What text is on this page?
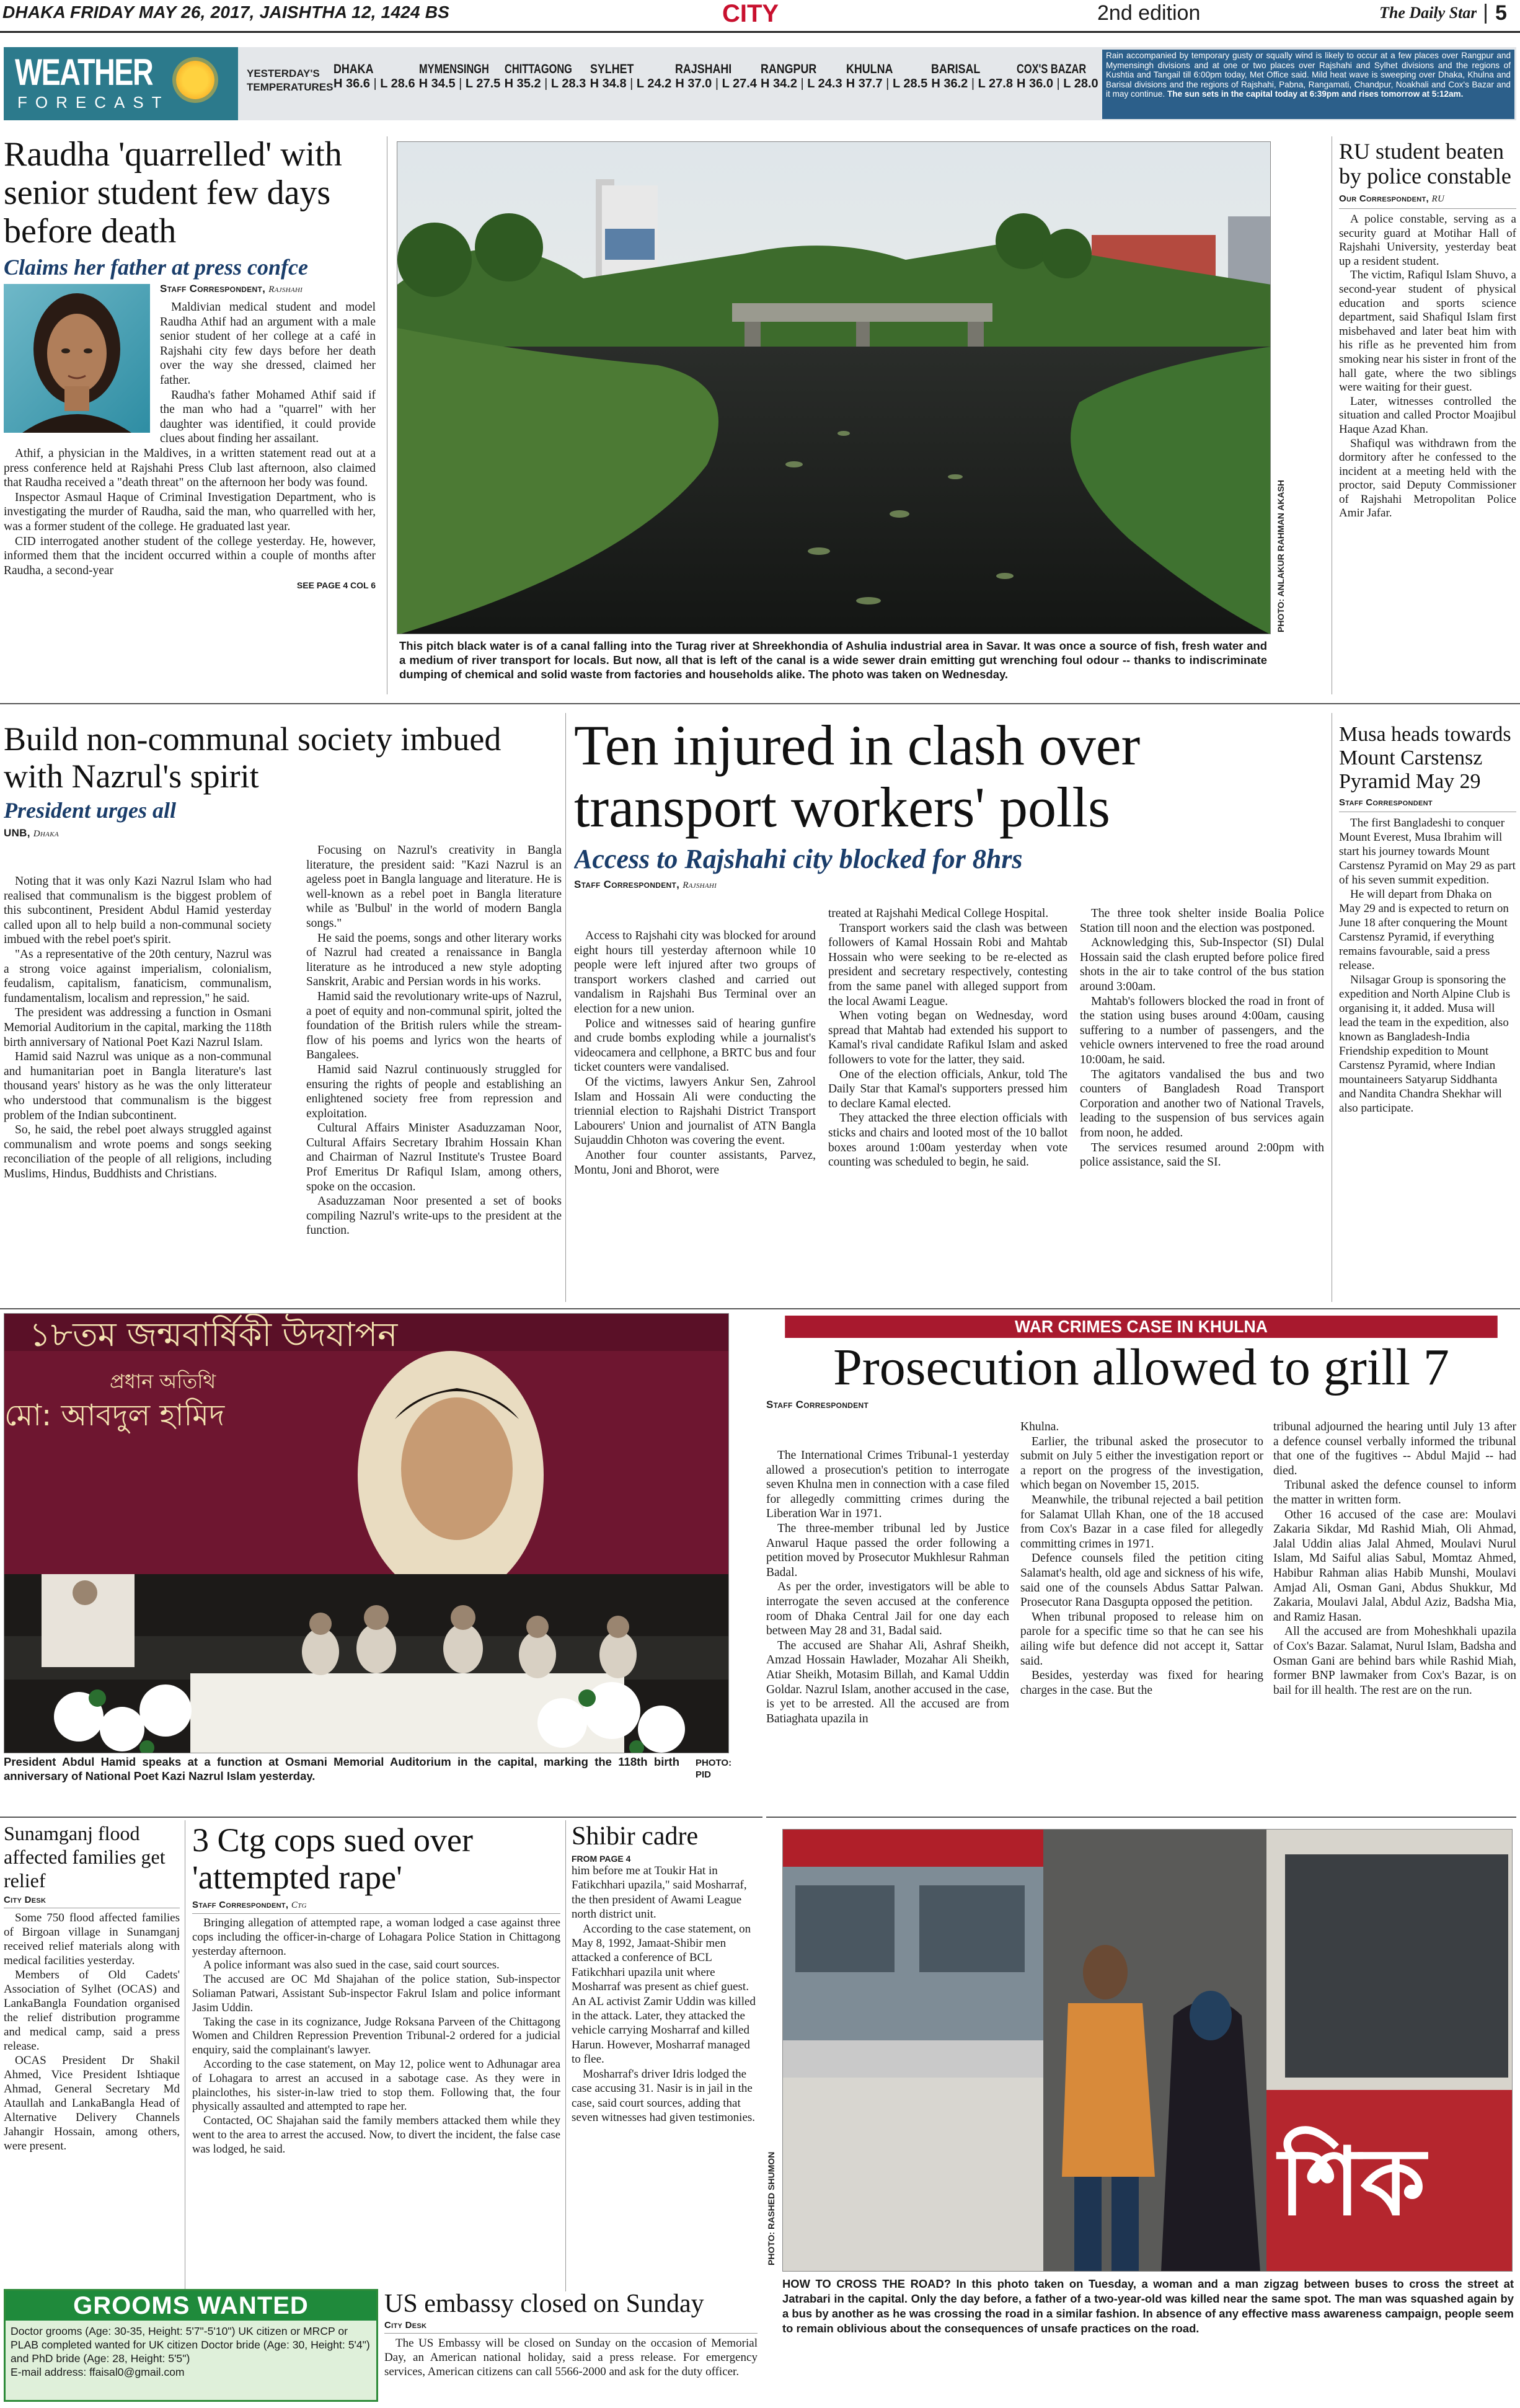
DHAKA FRIDAY MAY 26, 2017, JAISHTHA 12, 1424 BS	CITY	2nd edition	The Daily Star 5
WEATHER
FORECAST
YESTERDAY'S
TEMPERATURES
DHAKA
H 36.6 | L 28.6
MYMENSINGH
H 34.5 | L 27.5
CHITTAGONG
H 35.2 | L 28.3
SYLHET
H 34.8 | L 24.2
RAJSHAHI
H 37.0 | L 27.4
RANGPUR
H 34.2 | L 24.3
KHULNA
H 37.7 | L 28.5
BARISAL
H 36.2 | L 27.8
COX'S BAZAR
H 36.0 | L 28.0
Rain accompanied by temporary gusty or squally wind is likely to occur at a few places over Rangpur and Mymensingh divisions and at one or two places over Rajshahi and Sylhet divisions and the regions of Kushtia and Tangail till 6:00pm today, Met Office said. Mild heat wave is sweeping over Dhaka, Khulna and Barisal divisions and the regions of Rajshahi, Pabna, Rangamati, Chandpur, Noakhali and Cox's Bazar and it may continue. The sun sets in the capital today at 6:39pm and rises tomorrow at 5:12am.
Raudha 'quarrelled' with senior student few days before death
Claims her father at press confce
Staff Correspondent, Rajshahi

Maldivian medical student and model Raudha Athif had an argument with a male senior student of her college at a café in Rajshahi city few days before her death over the way she dressed, claimed her father.

Raudha's father Mohamed Athif said if the man who had a "quarrel" with her daughter was identified, it could provide clues about finding her assailant.

Athif, a physician in the Maldives, in a written statement read out at a press conference held at Rajshahi Press Club last afternoon, also claimed that Raudha received a "death threat" on the afternoon her body was found.

Inspector Asmaul Haque of Criminal Investigation Department, who is investigating the murder of Raudha, said the man, who quarrelled with her, was a former student of the college. He graduated last year.

CID interrogated another student of the college yesterday. He, however, informed them that the incident occurred within a couple of months after Raudha, a second-year

SEE PAGE 4 COL 6	PHOTO: ANLAKUR RAHMAN AKASH
This pitch black water is of a canal falling into the Turag river at Shreekhondia of Ashulia industrial area in Savar. It was once a source of fish, fresh water and a medium of river transport for locals. But now, all that is left of the canal is a wide sewer drain emitting gut wrenching foul odour -- thanks to indiscriminate dumping of chemical and solid waste from factories and households alike. The photo was taken on Wednesday.
RU student beaten by police constable
Our Correspondent, RU

A police constable, serving as a security guard at Motihar Hall of Rajshahi University, yesterday beat up a resident student.

The victim, Rafiqul Islam Shuvo, a second-year student of physical education and sports science department, said Shafiqul Islam first misbehaved and later beat him with his rifle as he prevented him from smoking near his sister in front of the hall gate, where the two siblings were waiting for their guest.

Later, witnesses controlled the situation and called Proctor Moajibul Haque Azad Khan.

Shafiqul was withdrawn from the dormitory after he confessed to the incident at a meeting held with the proctor, said Deputy Commissioner of Rajshahi Metropolitan Police Amir Jafar.

Build non-communal society imbued with Nazrul's spirit
President urges all
UNB, Dhaka

Noting that it was only Kazi Nazrul Islam who had realised that communalism is the biggest problem of this subcontinent, President Abdul Hamid yesterday called upon all to help build a non-communal society imbued with the rebel poet's spirit.

"As a representative of the 20th century, Nazrul was a strong voice against imperialism, colonialism, feudalism, capitalism, fanaticism, communalism, fundamentalism, localism and repression," he said.

The president was addressing a function in Osmani Memorial Auditorium in the capital, marking the 118th birth anniversary of National Poet Kazi Nazrul Islam.

Hamid said Nazrul was unique as a non-communal and humanitarian poet in Bangla literature's last thousand years' history as he was the only litterateur who understood that communalism is the biggest problem of the Indian subcontinent.

So, he said, the rebel poet always struggled against communalism and wrote poems and songs seeking reconciliation of the people of all religions, including Muslims, Hindus, Buddhists and Christians.

Focusing on Nazrul's creativity in Bangla literature, the president said: "Kazi Nazrul is an ageless poet in Bangla language and literature. He is well-known as a rebel poet in Bangla literature while as 'Bulbul' in the world of modern Bangla songs."

He said the poems, songs and other literary works of Nazrul had created a renaissance in Bangla literature as he introduced a new style adopting Sanskrit, Arabic and Persian words in his works.

Hamid said the revolutionary write-ups of Nazrul, a poet of equity and non-communal spirit, jolted the foundation of the British rulers while the stream-flow of his poems and lyrics won the hearts of Bangalees.

Hamid said Nazrul continuously struggled for ensuring the rights of people and establishing an enlightened society free from repression and exploitation.

Cultural Affairs Minister Asaduzzaman Noor, Cultural Affairs Secretary Ibrahim Hossain Khan and Chairman of Nazrul Institute's Trustee Board Prof Emeritus Dr Rafiqul Islam, among others, spoke on the occasion.

Asaduzzaman Noor presented a set of books compiling Nazrul's write-ups to the president at the function.

Ten injured in clash over transport workers' polls
Access to Rajshahi city blocked for 8hrs
Staff Correspondent, Rajshahi

Access to Rajshahi city was blocked for around eight hours till yesterday afternoon while 10 people were left injured after two groups of transport workers clashed and carried out vandalism in Rajshahi Bus Terminal over an election for a new union.

Police and witnesses said of hearing gunfire and crude bombs exploding while a journalist's videocamera and cellphone, a BRTC bus and four ticket counters were vandalised.

Of the victims, lawyers Ankur Sen, Zahrool Islam and Hossain Ali were conducting the triennial election to Rajshahi District Transport Labourers' Union and journalist of ATN Bangla Sujauddin Chhoton was covering the event.

Another four counter assistants, Parvez, Montu, Joni and Bhorot, were

treated at Rajshahi Medical College Hospital.

Transport workers said the clash was between followers of Kamal Hossain Robi and Mahtab Hossain who were seeking to be re-elected as president and secretary respectively, contesting from the same panel with alleged support from the local Awami League.

When voting began on Wednesday, word spread that Mahtab had extended his support to Kamal's rival candidate Rafikul Islam and asked followers to vote for the latter, they said.

One of the election officials, Ankur, told The Daily Star that Kamal's supporters pressed him to declare Kamal elected.

They attacked the three election officials with sticks and chairs and looted most of the 10 ballot boxes around 1:00am yesterday when vote counting was scheduled to begin, he said.

The three took shelter inside Boalia Police Station till noon and the election was postponed.

Acknowledging this, Sub-Inspector (SI) Dulal Hossain said the clash erupted before police fired shots in the air to take control of the bus station around 3:00am.

Mahtab's followers blocked the road in front of the station using buses around 4:00am, causing suffering to a number of passengers, and the vehicle owners intervened to free the road around 10:00am, he said.

The agitators vandalised the bus and two counters of Bangladesh Road Transport Corporation and another two of National Travels, leading to the suspension of bus services again from noon, he added.

The services resumed around 2:00pm with police assistance, said the SI.

Musa heads towards Mount Carstensz Pyramid May 29
Staff Correspondent

The first Bangladeshi to conquer Mount Everest, Musa Ibrahim will start his journey towards Mount Carstensz Pyramid on May 29 as part of his seven summit expedition.

He will depart from Dhaka on May 29 and is expected to return on June 18 after conquering the Mount Carstensz Pyramid, if everything remains favourable, said a press release.

Nilsagar Group is sponsoring the expedition and North Alpine Club is organising it, it added. Musa will lead the team in the expedition, also known as Bangladesh-India Friendship expedition to Mount Carstensz Pyramid, where Indian mountaineers Satyarup Siddhanta and Nandita Chandra Shekhar will also participate.

১৮তম জন্মবার্ষিকী উদযাপন
প্রধান অতিথি
মো: আবদুল হামিদ
President Abdul Hamid speaks at a function at Osmani Memorial Auditorium in the capital, marking the 118th birth anniversary of National Poet Kazi Nazrul Islam yesterday.
PHOTO:
PID
WAR CRIMES CASE IN KHULNA
Prosecution allowed to grill 7
Staff Correspondent

The International Crimes Tribunal-1 yesterday allowed a prosecution's petition to interrogate seven Khulna men in connection with a case filed for allegedly committing crimes during the Liberation War in 1971.

The three-member tribunal led by Justice Anwarul Haque passed the order following a petition moved by Prosecutor Mukhlesur Rahman Badal.

As per the order, investigators will be able to interrogate the seven accused at the conference room of Dhaka Central Jail for one day each between May 28 and 31, Badal said.

The accused are Shahar Ali, Ashraf Sheikh, Amzad Hossain Hawlader, Mozahar Ali Sheikh, Atiar Sheikh, Motasim Billah, and Kamal Uddin Goldar. Nazrul Islam, another accused in the case, is yet to be arrested. All the accused are from Batiaghata upazila in

Khulna.

Earlier, the tribunal asked the prosecutor to submit on July 5 either the investigation report or a report on the progress of the investigation, which began on November 15, 2015.

Meanwhile, the tribunal rejected a bail petition for Salamat Ullah Khan, one of the 18 accused from Cox's Bazar in a case filed for allegedly committing crimes in 1971.

Defence counsels filed the petition citing Salamat's health, old age and sickness of his wife, said one of the counsels Abdus Sattar Palwan. Prosecutor Rana Dasgupta opposed the petition.

When tribunal proposed to release him on parole for a specific time so that he can see his ailing wife but defence did not accept it, Sattar said.

Besides, yesterday was fixed for hearing charges in the case. But the

tribunal adjourned the hearing until July 13 after a defence counsel verbally informed the tribunal that one of the fugitives -- Abdul Majid -- had died.

Tribunal asked the defence counsel to inform the matter in written form.

Other 16 accused of the case are: Moulavi Zakaria Sikdar, Md Rashid Miah, Oli Ahmad, Jalal Uddin alias Jalal Ahmed, Moulavi Nurul Islam, Md Saiful alias Sabul, Momtaz Ahmed, Habibur Rahman alias Habib Munshi, Moulavi Amjad Ali, Osman Gani, Abdus Shukkur, Md Zakaria, Moulavi Jalal, Abdul Aziz, Badsha Mia, and Ramiz Hasan.

All the accused are from Moheshkhali upazila of Cox's Bazar. Salamat, Nurul Islam, Badsha and Osman Gani are behind bars while Rashid Miah, former BNP lawmaker from Cox's Bazar, is on bail for ill health. The rest are on the run.

Sunamganj flood affected families get relief
City Desk

Some 750 flood affected families of Birgoan village in Sunamganj received relief materials along with medical facilities yesterday.

Members of Old Cadets' Association of Sylhet (OCAS) and LankaBangla Foundation organised the relief distribution programme and medical camp, said a press release.

OCAS President Dr Shakil Ahmed, Vice President Ishtiaque Ahmad, General Secretary Md Ataullah and LankaBangla Head of Alternative Delivery Channels Jahangir Hossain, among others, were present.

3 Ctg cops sued over 'attempted rape'
Staff Correspondent, Ctg

Bringing allegation of attempted rape, a woman lodged a case against three cops including the officer-in-charge of Lohagara Police Station in Chittagong yesterday afternoon.

A police informant was also sued in the case, said court sources.

The accused are OC Md Shajahan of the police station, Sub-inspector Soliaman Patwari, Assistant Sub-inspector Fakrul Islam and police informant Jasim Uddin.

Taking the case in its cognizance, Judge Roksana Parveen of the Chittagong Women and Children Repression Prevention Tribunal-2 ordered for a judicial enquiry, said the complainant's lawyer.

According to the case statement, on May 12, police went to Adhunagar area of Lohagara to arrest an accused in a sabotage case. As they were in plainclothes, his sister-in-law tried to stop them. Following that, the four physically assaulted and attempted to rape her.

Contacted, OC Shajahan said the family members attacked them while they went to the area to arrest the accused. Now, to divert the incident, the false case was lodged, he said.

Shibir cadre
FROM PAGE 4

him before me at Toukir Hat in Fatikchhari upazila," said Mosharraf, the then president of Awami League north district unit.

According to the case statement, on May 8, 1992, Jamaat-Shibir men attacked a conference of BCL Fatikchhari upazila unit where Mosharraf was present as chief guest. An AL activist Zamir Uddin was killed in the attack. Later, they attacked the vehicle carrying Mosharraf and killed Harun. However, Mosharraf managed to flee.

Mosharraf's driver Idris lodged the case accusing 31. Nasir is in jail in the case, said court sources, adding that seven witnesses had given testimonies.

শিক
PHOTO: RASHED SHUMON
HOW TO CROSS THE ROAD? In this photo taken on Tuesday, a woman and a man zigzag between buses to cross the street at Jatrabari in the capital. Only the day before, a father of a two-year-old was killed near the same spot. The man was squashed again by a bus by another as he was crossing the road in a similar fashion. In absence of any effective mass awareness campaign, people seem to remain oblivious about the consequences of unsafe practices on the road.
GROOMS WANTED
Doctor grooms (Age: 30-35, Height: 5'7"-5'10") UK citizen or MRCP or PLAB completed wanted for UK citizen Doctor bride (Age: 30, Height: 5'4") and PhD bride (Age: 28, Height: 5'5")
E-mail address: ffaisal0@gmail.com
US embassy closed on Sunday
City Desk

The US Embassy will be closed on Sunday on the occasion of Memorial Day, an American national holiday, said a press release. For emergency services, American citizens can call 5566-2000 and ask for the duty officer.
